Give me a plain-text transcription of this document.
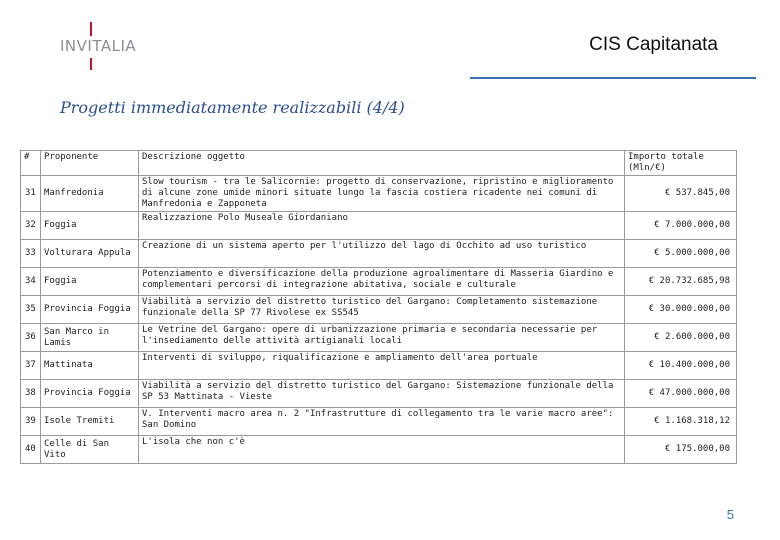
INVITALIA	CIS Capitanata
Progetti immediatamente realizzabili (4/4)
#	Proponente	Descrizione oggetto	Importo totale (Mln/€)
31	Manfredonia	Slow tourism - tra le Salicornie: progetto di conservazione, ripristino e miglioramento di alcune zone umide minori situate lungo la fascia costiera ricadente nei comuni di Manfredonia e Zapponeta	€ 537.845,00
32	Foggia	Realizzazione Polo Museale Giordaniano	€ 7.000.000,00
33	Volturara Appula	Creazione di un sistema aperto per l'utilizzo del lago di Occhito ad uso turistico	€ 5.000.000,00
34	Foggia	Potenziamento e diversificazione della produzione agroalimentare di Masseria Giardino e complementari percorsi di integrazione abitativa, sociale e culturale	€ 20.732.685,98
35	Provincia Foggia	Viabilità a servizio del distretto turistico del Gargano: Completamento sistemazione funzionale della SP 77 Rivolese ex SS545	€ 30.000.000,00
36	San Marco in Lamis	Le Vetrine del Gargano: opere di urbanizzazione primaria e secondaria necessarie per l'insediamento delle attività artigianali locali	€ 2.600.000,00
37	Mattinata	Interventi di sviluppo, riqualificazione e ampliamento dell'area portuale	€ 10.400.000,00
38	Provincia Foggia	Viabilità a servizio del distretto turistico del Gargano: Sistemazione funzionale della SP 53 Mattinata - Vieste	€ 47.000.000,00
39	Isole Tremiti	V. Interventi macro area n. 2 "Infrastrutture di collegamento tra le varie macro aree": San Domino	€ 1.168.318,12
40	Celle di San Vito	L'isola che non c'è	€ 175.000,00
5
